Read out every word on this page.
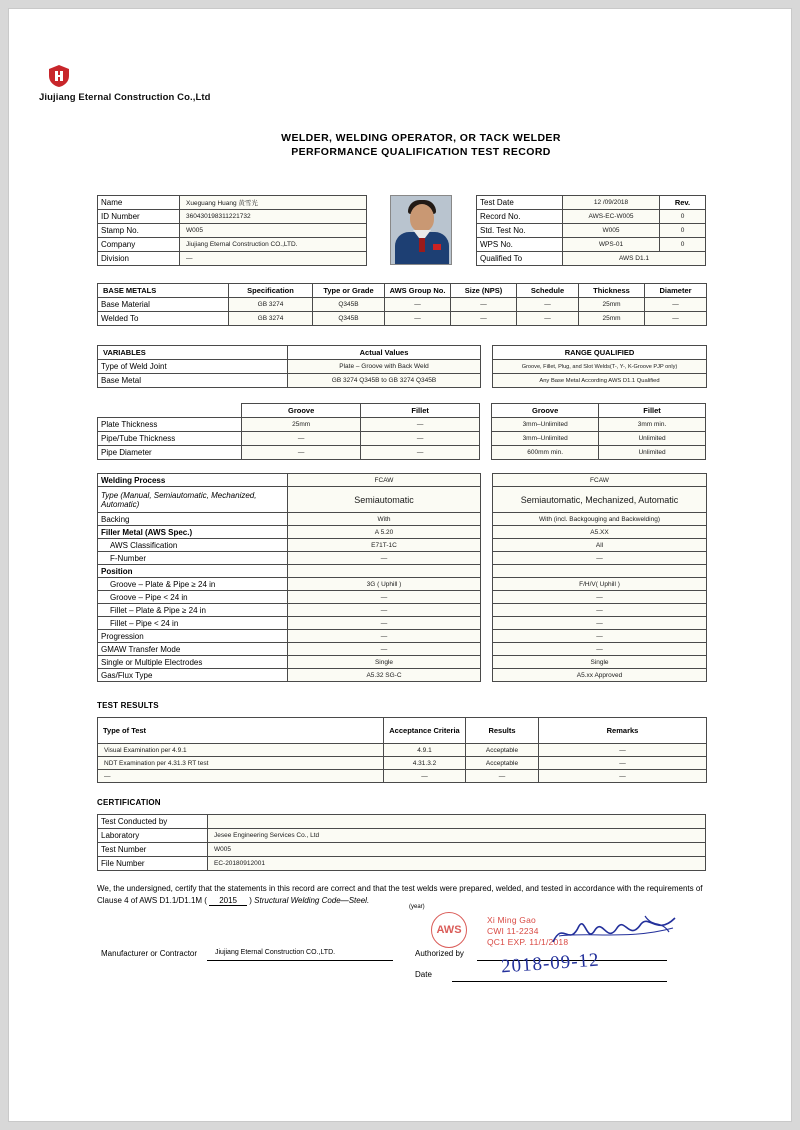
Jiujiang Eternal Construction Co.,Ltd
WELDER, WELDING OPERATOR, OR TACK WELDER
PERFORMANCE QUALIFICATION TEST RECORD
Name	Xueguang Huang 黄雪光
ID Number	360430198311221732
Stamp No.	W005
Company	Jiujiang Eternal Construction CO.,LTD.
Division	—
Test Date	12 /09/2018	Rev.
Record No.	AWS-EC-W005	0
Std. Test No.	W005	0
WPS No.	WPS-01	0
Qualified To	AWS D1.1	
BASE METALS	Specification	Type or Grade	AWS Group No.	Size (NPS)	Schedule	Thickness	Diameter
Base Material	GB 3274	Q345B	—	—	—	25mm	—
Welded To	GB 3274	Q345B	—	—	—	25mm	—
VARIABLES	Actual Values		RANGE QUALIFIED
Type of Weld Joint	Plate – Groove with Back Weld		Groove, Fillet, Plug, and Slot Welds(T-, Y-, K-Groove PJP only)
Base Metal	GB 3274 Q345B to GB 3274 Q345B		Any Base Metal According AWS D1.1 Qualified
	Groove	Fillet		Groove	Fillet
Plate Thickness	25mm	—		3mm–Unlimited	3mm min.
Pipe/Tube Thickness	—	—		3mm–Unlimited	Unlimited
Pipe Diameter	—	—		600mm min.	Unlimited
Welding Process	FCAW		FCAW
Type (Manual, Semiautomatic, Mechanized, Automatic)	Semiautomatic		Semiautomatic, Mechanized, Automatic
Backing	With		With (incl. Backgouging and Backwelding)
Filler Metal (AWS Spec.)	A 5.20		A5.XX
AWS Classification	E71T-1C		All
F-Number	—		—
Position			
Groove – Plate & Pipe ≥ 24 in	3G ( Uphill )		F/H/V( Uphill )
Groove – Pipe < 24 in	—		—
Fillet – Plate & Pipe ≥ 24 in	—		—
Fillet – Pipe < 24 in	—		—
Progression	—		—
GMAW Transfer Mode	—		—
Single or Multiple Electrodes	Single		Single
Gas/Flux Type	A5.32 SG-C		A5.xx Approved
TEST RESULTS
Type of Test	Acceptance Criteria	Results	Remarks
Visual Examination per 4.9.1	4.9.1	Acceptable	—
NDT Examination per 4.31.3 RT test	4.31.3.2	Acceptable	—
—	—	—	—
CERTIFICATION
Test Conducted by	
Laboratory	Jesee Engineering Services Co., Ltd
Test Number	W005
File Number	EC-20180912001
We, the undersigned, certify that the statements in this record are correct and that the test welds were prepared, welded, and tested in accordance with the requirements of Clause 4 of AWS D1.1/D1.1M ( 2015 ) Structural Welding Code—Steel.
(year)
Manufacturer or Contractor	Jiujiang Eternal Construction CO.,LTD.	Authorized by
Date
AWS
Xi Ming Gao
CWI 11-2234
QC1 EXP. 11/1/2018
2018-09-12
